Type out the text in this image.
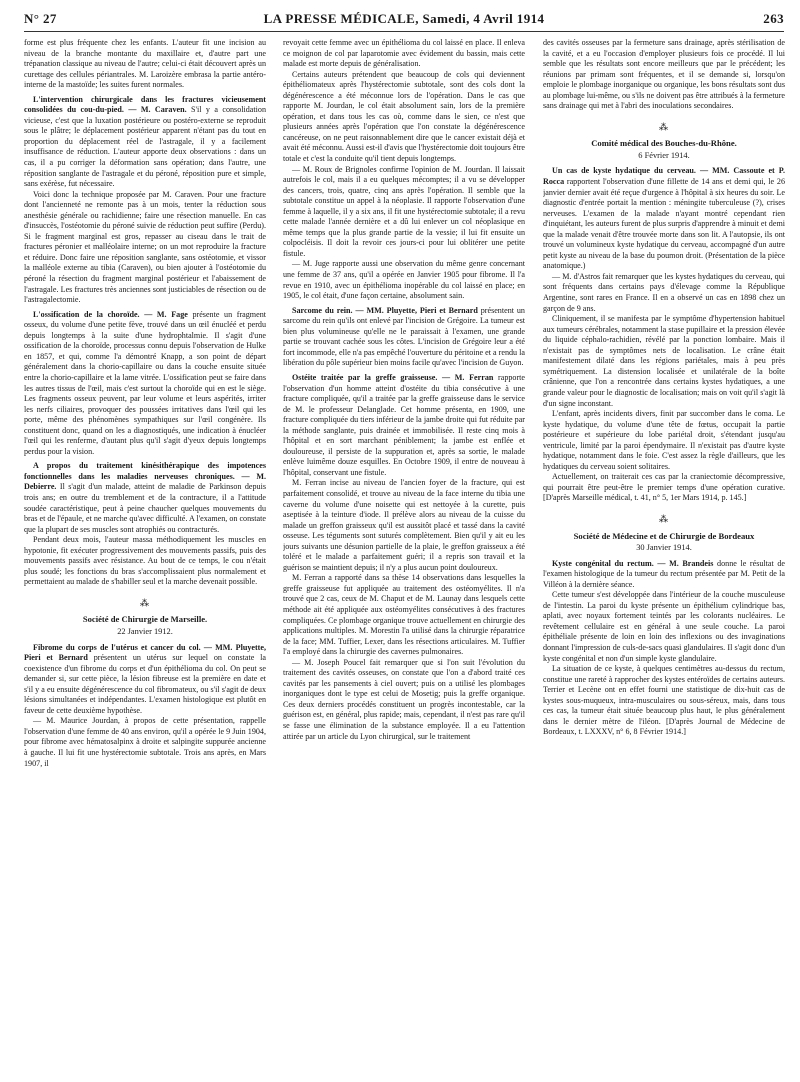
N° 27	LA PRESSE MÉDICALE, Samedi, 4 Avril 1914	263

forme est plus fréquente chez les enfants. L'auteur fit une incision au niveau de la branche montante du maxillaire et, d'autre part une trépanation classique au niveau de l'autre; celui-ci était découvert après un curettage des cellules périantrales. M. Laroizère embrasa la partie antéro-interne de la mastoïde; les suites furent normales.

L'intervention chirurgicale dans les fractures vicieusement consolidées du cou-du-pied. — M. Caraven. S'il y a consolidation vicieuse, c'est que la luxation postérieure ou postéro-externe se reproduit sous le plâtre; le déplacement postérieur apparent n'étant pas du tout en proportion du déplacement réel de l'astragale, il y a facilement insuffisance de réduction. L'auteur apporte deux observations : dans un cas, il a pu corriger la déformation sans opération; dans l'autre, une réposition sanglante de l'astragale et du péroné, réposition pure et simple, sans exérèse, fut nécessaire.

Voici donc la technique proposée par M. Caraven. Pour une fracture dont l'ancienneté ne remonte pas à un mois, tenter la réduction sous anesthésie générale ou rachidienne; faire une résection manuelle. En cas d'insuccès, l'ostéotomie du péroné suivie de réduction peut suffire (Perdu). Si le fragment marginal est gros, repasser au ciseau dans le trait de fractures péronier et malléolaire interne; on un mot reproduire la fracture et réduire. Donc faire une réposition sanglante, sans ostéotomie, et vissor la malléole externe au tibia (Caraven), ou bien ajouter à l'ostéotomie du péroné la résection du fragment marginal postérieur et l'abaissement de l'astragale. Les fractures très anciennes sont justiciables de résection ou de l'astragalectomie.

L'ossification de la choroïde. — M. Fage présente un fragment osseux, du volume d'une petite fève, trouvé dans un œil énucléé et perdu depuis longtemps à la suite d'une hydrophtalmie. Il s'agit d'une ossification de la choroïde, processus connu depuis l'observation de Hulke en 1857, et qui, comme l'a démontré Knapp, a son point de départ généralement dans la chorio-capillaire ou dans la couche ensuite située entre la chorio-capillaire et la lame vitrée. L'ossification peut se faire dans les autres tissus de l'œil, mais c'est surtout la choroïde qui en est le siège. Les fragments osseux peuvent, par leur volume et leurs aspérités, irriter les nerfs ciliaires, provoquer des poussées irritatives dans l'œil qui les porte, même des phénomènes sympathiques sur l'œil congénère. Ils constituent donc, quand on les a diagnostiqués, une indication à énucléer l'œil qui les renferme, d'autant plus qu'il s'agit d'yeux depuis longtemps perdus pour la vision.

A propos du traitement kinésithérapique des impotences fonctionnelles dans les maladies nerveuses chroniques. — M. Debierre. Il s'agit d'un malade, atteint de maladie de Parkinson depuis trois ans; en outre du tremblement et de la contracture, il a l'attitude soudée caractéristique, peut à peine chaucher quelques mouvements du bras et de l'épaule, et ne marche qu'avec difficulté. A l'examen, on constate que la plupart de ses muscles sont atrophiés ou contracturés.

Pendant deux mois, l'auteur massa méthodiquement les muscles en hypotonie, fit exécuter progressivement des mouvements passifs, puis des mouvements passifs avec résistance. Au bout de ce temps, le cou n'était plus soudé; les fonctions du bras s'accomplissaient plus normalement et permettaient au malade de s'habiller seul et la marche devenait possible.

⁂
Société de Chirurgie de Marseille.
22 Janvier 1912.

Fibrome du corps de l'utérus et cancer du col. — MM. Pluyette, Pieri et Bernard présentent un utérus sur lequel on constate la coexistence d'un fibrome du corps et d'un épithélioma du col. On peut se demander si, sur cette pièce, la lésion fibreuse est la première en date et s'il y a eu ensuite dégénérescence du col fibromateux, ou s'il s'agit de deux lésions simultanées et indépendantes. L'examen histologique est plutôt en faveur de cette deuxième hypothèse.

— M. Maurice Jourdan, à propos de cette présentation, rappelle l'observation d'une femme de 40 ans environ, qu'il a opérée le 9 Juin 1904, pour fibrome avec hématosalpinx à droite et salpingite suppurée ancienne à gauche. Il lui fit une hystérectomie subtotale. Trois ans après, en Mars 1907, il

revoyait cette femme avec un épithélioma du col laissé en place. Il enleva ce moignon de col par laparotomie avec évidement du bassin, mais cette malade est morte depuis de généralisation.

Certains auteurs prétendent que beaucoup de cols qui deviennent épithéliomateux après l'hystérectomie subtotale, sont des cols dont la dégénérescence a été méconnue lors de l'opération. Dans le cas que rapporte M. Jourdan, le col était absolument sain, lors de la première opération, et dans tous les cas où, comme dans le sien, ce n'est que plusieurs années après l'opération que l'on constate la dégénérescence cancéreuse, on ne peut raisonnablement dire que le cancer existait déjà et avait été méconnu. Aussi est-il d'avis que l'hystérectomie doit toujours être totale et c'est la conduite qu'il tient depuis longtemps.

— M. Roux de Brignoles confirme l'opinion de M. Jourdan. Il laissait autrefois le col, mais il a eu quelques mécomptes; il a vu se développer des cancers, trois, quatre, cinq ans après l'opération. Il semble que la subtotale constitue un appel à la néoplasie. Il rapporte l'observation d'une femme à laquelle, il y a six ans, il fit une hystérectomie subtotale; il a revu cette malade l'année dernière et a dû lui enlever un col néoplasique en même temps que la plus grande partie de la vessie; il lui fit ensuite un colpocléisis. Il doit la revoir ces jours-ci pour lui oblitérer une petite fistule.

— M. Juge rapporte aussi une observation du même genre concernant une femme de 37 ans, qu'il a opérée en Janvier 1905 pour fibrome. Il l'a revue en 1910, avec un épithélioma inopérable du col laissé en place; en 1905, le col était, d'une façon certaine, absolument sain.

Sarcome du rein. — MM. Pluyette, Pieri et Bernard présentent un sarcome du rein qu'ils ont enlevé par l'incision de Grégoire. La tumeur est bien plus volumineuse qu'elle ne le paraissait à l'examen, une grande partie se trouvant cachée sous les côtes. L'incision de Grégoire leur a été fort incommode, elle n'a pas empêché l'ouverture du péritoine et a rendu la libération du pôle supérieur bien moins facile qu'avec l'incision de Guyon.

Ostéite traitée par la greffe graisseuse. — M. Ferran rapporte l'observation d'un homme atteint d'ostéite du tibia consécutive à une fracture compliquée, qu'il a traitée par la greffe graisseuse dans le service de M. le professeur Delanglade. Cet homme présenta, en 1909, une fracture compliquée du tiers inférieur de la jambe droite qui fut réduite par la méthode sanglante, puis drainée et immobilisée. Il reste cinq mois à l'hôpital et en sort marchant péniblement; la jambe est enflée et douloureuse, il persiste de la suppuration et, après sa sortie, le malade enlève luimême douze esquilles. En Octobre 1909, il entre de nouveau à l'hôpital, conservant une fistule.

M. Ferran incise au niveau de l'ancien foyer de la fracture, qui est parfaitement consolidé, et trouve au niveau de la face interne du tibia une caverne du volume d'une noisette qui est nettoyée à la curette, puis aseptisée à la teinture d'iode. Il prélève alors au niveau de la cuisse du malade un greffon graisseux qu'il est aussitôt placé et tassé dans la cavité osseuse. Les téguments sont suturés complètement. Bien qu'il y ait eu les jours suivants une désunion partielle de la plaie, le greffon graisseux a été toléré et le malade a parfaitement guéri; il a repris son travail et la guérison se maintient depuis; il n'y a plus aucun point douloureux.

M. Ferran a rapporté dans sa thèse 14 observations dans lesquelles la greffe graisseuse fut appliquée au traitement des ostéomyélites. Il n'a trouvé que 2 cas, ceux de M. Chaput et de M. Launay dans lesquels cette méthode ait été appliquée aux ostéomyélites consécutives à des fractures compliquées. Ce plombage organique trouve actuellement en chirurgie des applications multiples. M. Morestin l'a utilisé dans la chirurgie réparatrice de la face; MM. Tuffier, Lexer, dans les résections articulaires. M. Tuffier l'a employé dans la chirurgie des cavernes pulmonaires.

— M. Joseph Poucel fait remarquer que si l'on suit l'évolution du traitement des cavités osseuses, on constate que l'on a d'abord traité ces cavités par les pansements à ciel ouvert; puis on a utilisé les plombages inorganiques dont le type est celui de Mosetig; puis la greffe organique. Ces deux derniers procédés constituent un progrès incontestable, car la guérison est, en général, plus rapide; mais, cependant, il n'est pas rare qu'il se fasse une élimination de la substance employée. Il a eu l'attention attirée par un article du Lyon chirurgical, sur le traitement

des cavités osseuses par la fermeture sans drainage, après stérilisation de la cavité, et a eu l'occasion d'employer plusieurs fois ce procédé. Il lui semble que les résultats sont encore meilleurs que par le précédent; les réunions par primam sont fréquentes, et il se demande si, lorsqu'on emploie le plombage inorganique ou organique, les bons résultats sont dus au plombage lui-même, ou s'ils ne doivent pas être attribués à la fermeture sans drainage qui met à l'abri des inoculations secondaires.

⁂
Comité médical des Bouches-du-Rhône.
6 Février 1914.

Un cas de kyste hydatique du cerveau. — MM. Cassoute et P. Rocca rapportent l'observation d'une fillette de 14 ans et demi qui, le 26 janvier dernier avait été reçue d'urgence à l'hôpital à six heures du soir. Le diagnostic d'entrée portait la mention : méningite tuberculeuse (?), crises nerveuses. L'examen de la malade n'ayant montré cependant rien d'inquiétant, les auteurs furent de plus surpris d'apprendre à minuit et demi que la malade venait d'être trouvée morte dans son lit. A l'autopsie, ils ont trouvé un volumineux kyste hydatique du cerveau, accompagné d'un autre petit kyste au niveau de la base du poumon droit. (Présentation de la pièce anatomique.)

— M. d'Astros fait remarquer que les kystes hydatiques du cerveau, qui sont fréquents dans certains pays d'élevage comme la République Argentine, sont rares en France. Il en a observé un cas en 1898 chez un garçon de 9 ans.

Cliniquement, il se manifesta par le symptôme d'hypertension habituel aux tumeurs cérébrales, notamment la stase pupillaire et la pression élevée du liquide céphalo-rachidien, révélé par la ponction lombaire. Mais il n'existait pas de symptômes nets de localisation. Le crâne était manifestement dilaté dans les régions pariétales, mais à peu près symétriquement. La distension localisée et unilatérale de la boîte crânienne, que l'on a rencontrée dans certains kystes hydatiques, a une grande valeur pour le diagnostic de localisation; mais on voit qu'il s'agit là d'un signe inconstant.

L'enfant, après incidents divers, finit par succomber dans le coma. Le kyste hydatique, du volume d'une tête de fœtus, occupait la partie postérieure et supérieure du lobe pariétal droit, s'étendant jusqu'au ventricule, limité par la paroi épendymaire. Il n'existait pas d'autre kyste hydatique, notamment dans le foie. C'est assez la règle d'ailleurs, que les hydatiques du cerveau soient solitaires.

Actuellement, on traiterait ces cas par la craniectomie décompressive, qui pourrait être peut-être le premier temps d'une opération curative. [D'après Marseille médical, t. 41, n° 5, 1er Mars 1914, p. 145.]

⁂
Société de Médecine et de Chirurgie de Bordeaux
30 Janvier 1914.

Kyste congénital du rectum. — M. Brandeis donne le résultat de l'examen histologique de la tumeur du rectum présentée par M. Petit de la Villéon à la dernière séance.

Cette tumeur s'est développée dans l'intérieur de la couche musculeuse de l'intestin. La paroi du kyste présente un épithélium cylindrique bas, aplati, avec noyaux fortement teintés par les colorants nucléaires. Le revêtement cellulaire est en général à une seule couche. La paroi épithéliale présente de loin en loin des inflexions ou des invaginations donnant l'impression de culs-de-sacs quasi glandulaires. Il s'agit donc d'un kyste congénital et non d'un simple kyste glandulaire.

La situation de ce kyste, à quelques centimètres au-dessus du rectum, constitue une rareté à rapprocher des kystes entéroïdes de certains auteurs. Terrier et Lecène ont en effet fourni une statistique de dix-huit cas de kystes sous-muqueux, intra-musculaires ou sous-séreux, mais, dans tous ces cas, la tumeur était située beaucoup plus haut, le plus généralement dans le dernier mètre de l'iléon. [D'après Journal de Médecine de Bordeaux, t. LXXXV, n° 6, 8 Février 1914.]
